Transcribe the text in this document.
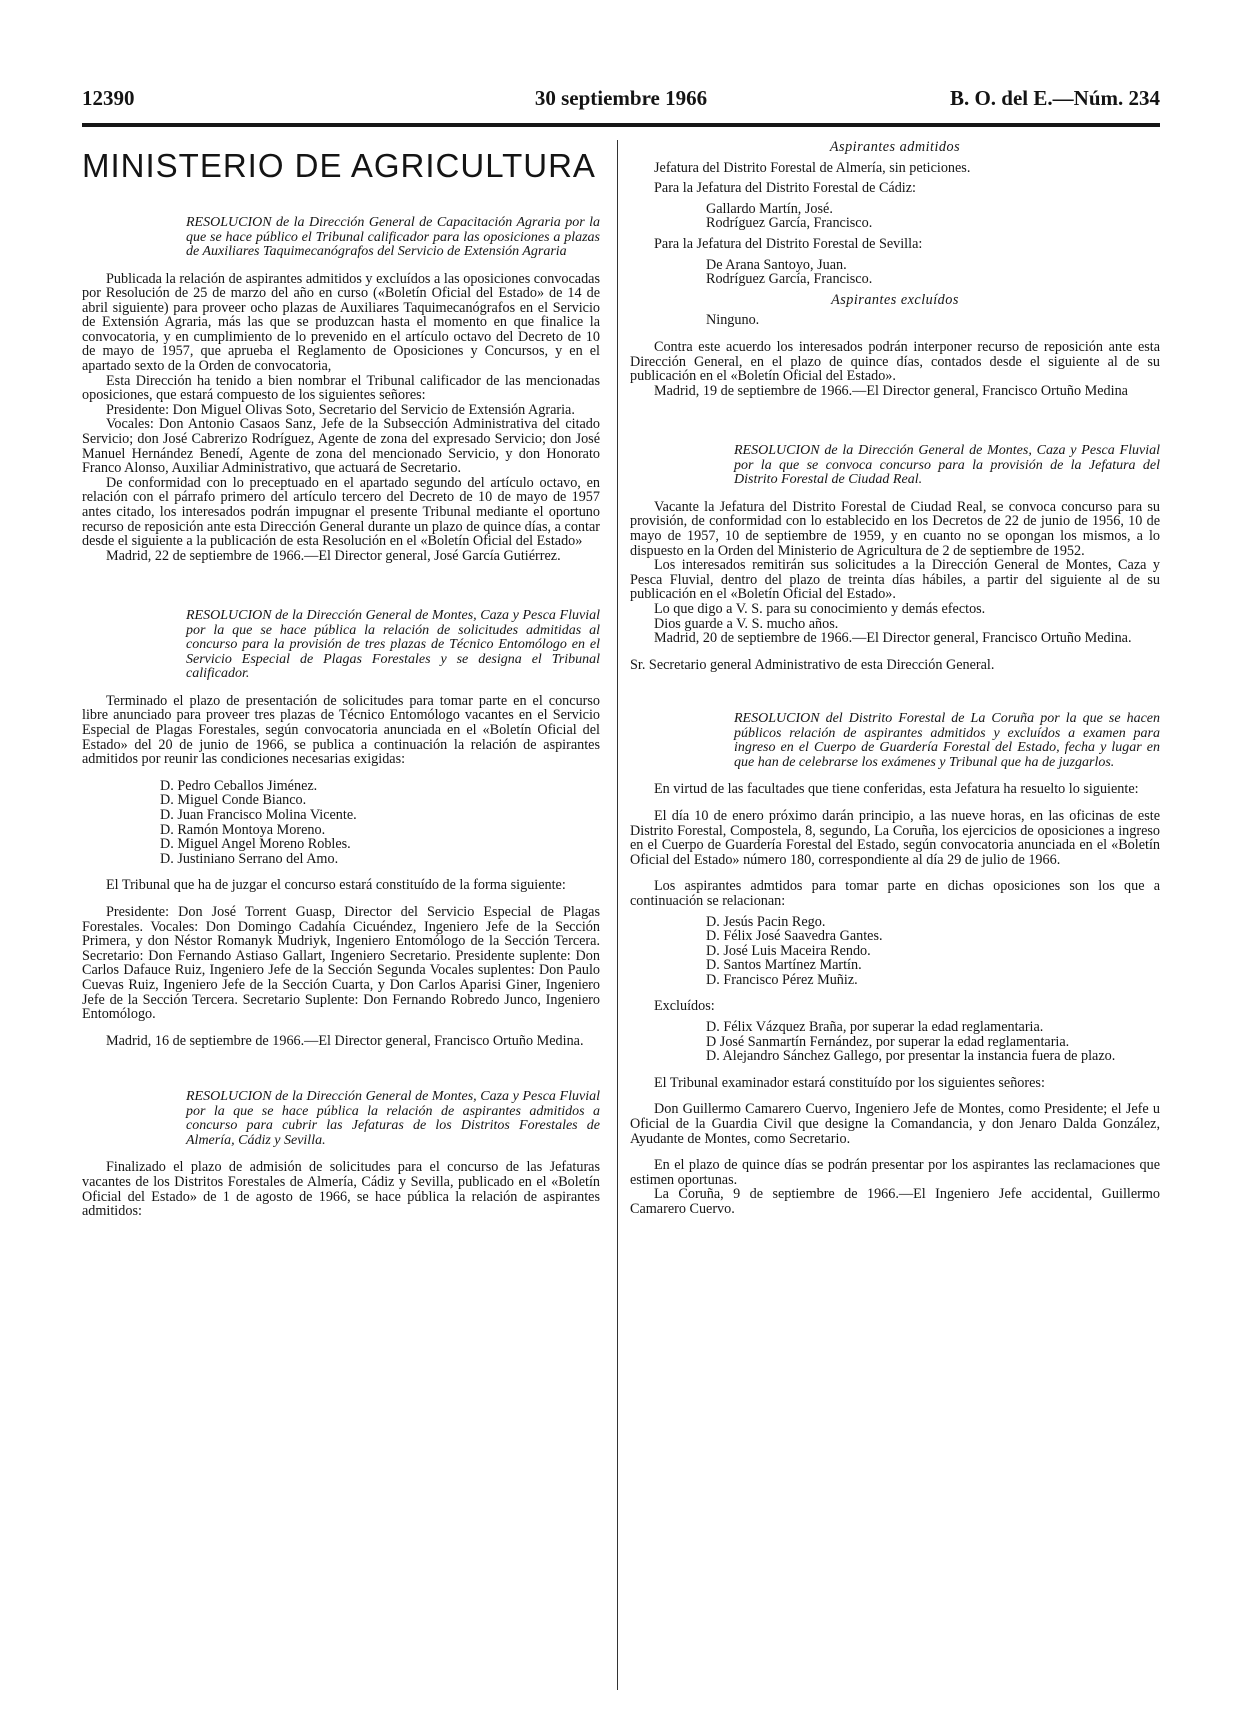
12390	30 septiembre 1966	B. O. del E.—Núm. 234
MINISTERIO DE AGRICULTURA

RESOLUCION de la Dirección General de Capacitación Agraria por la que se hace público el Tribunal calificador para las oposiciones a plazas de Auxiliares Taquimecanógrafos del Servicio de Extensión Agraria

Publicada la relación de aspirantes admitidos y excluídos a las oposiciones convocadas por Resolución de 25 de marzo del año en curso («Boletín Oficial del Estado» de 14 de abril siguiente) para proveer ocho plazas de Auxiliares Taquimecanógrafos en el Servicio de Extensión Agraria, más las que se produzcan hasta el momento en que finalice la convocatoria, y en cumplimiento de lo prevenido en el artículo octavo del Decreto de 10 de mayo de 1957, que aprueba el Reglamento de Oposiciones y Concursos, y en el apartado sexto de la Orden de convocatoria,

Esta Dirección ha tenido a bien nombrar el Tribunal calificador de las mencionadas oposiciones, que estará compuesto de los siguientes señores:

Presidente: Don Miguel Olivas Soto, Secretario del Servicio de Extensión Agraria.

Vocales: Don Antonio Casaos Sanz, Jefe de la Subsección Administrativa del citado Servicio; don José Cabrerizo Rodríguez, Agente de zona del expresado Servicio; don José Manuel Hernández Benedí, Agente de zona del mencionado Servicio, y don Honorato Franco Alonso, Auxiliar Administrativo, que actuará de Secretario.

De conformidad con lo preceptuado en el apartado segundo del artículo octavo, en relación con el párrafo primero del artículo tercero del Decreto de 10 de mayo de 1957 antes citado, los interesados podrán impugnar el presente Tribunal mediante el oportuno recurso de reposición ante esta Dirección General durante un plazo de quince días, a contar desde el siguiente a la publicación de esta Resolución en el «Boletín Oficial del Estado»

Madrid, 22 de septiembre de 1966.—El Director general, José García Gutiérrez.

RESOLUCION de la Dirección General de Montes, Caza y Pesca Fluvial por la que se hace pública la relación de solicitudes admitidas al concurso para la provisión de tres plazas de Técnico Entomólogo en el Servicio Especial de Plagas Forestales y se designa el Tribunal calificador.

Terminado el plazo de presentación de solicitudes para tomar parte en el concurso libre anunciado para proveer tres plazas de Técnico Entomólogo vacantes en el Servicio Especial de Plagas Forestales, según convocatoria anunciada en el «Boletín Oficial del Estado» del 20 de junio de 1966, se publica a continuación la relación de aspirantes admitidos por reunir las condiciones necesarias exigidas:

D. Pedro Ceballos Jiménez.

D. Miguel Conde Bianco.

D. Juan Francisco Molina Vicente.

D. Ramón Montoya Moreno.

D. Miguel Angel Moreno Robles.

D. Justiniano Serrano del Amo.

El Tribunal que ha de juzgar el concurso estará constituído de la forma siguiente:

Presidente: Don José Torrent Guasp, Director del Servicio Especial de Plagas Forestales. Vocales: Don Domingo Cadahía Cicuéndez, Ingeniero Jefe de la Sección Primera, y don Néstor Romanyk Mudriyk, Ingeniero Entomólogo de la Sección Tercera. Secretario: Don Fernando Astiaso Gallart, Ingeniero Secretario. Presidente suplente: Don Carlos Dafauce Ruiz, Ingeniero Jefe de la Sección Segunda Vocales suplentes: Don Paulo Cuevas Ruiz, Ingeniero Jefe de la Sección Cuarta, y Don Carlos Aparisi Giner, Ingeniero Jefe de la Sección Tercera. Secretario Suplente: Don Fernando Robredo Junco, Ingeniero Entomólogo.

Madrid, 16 de septiembre de 1966.—El Director general, Francisco Ortuño Medina.

RESOLUCION de la Dirección General de Montes, Caza y Pesca Fluvial por la que se hace pública la relación de aspirantes admitidos a concurso para cubrir las Jefaturas de los Distritos Forestales de Almería, Cádiz y Sevilla.

Finalizado el plazo de admisión de solicitudes para el concurso de las Jefaturas vacantes de los Distritos Forestales de Almería, Cádiz y Sevilla, publicado en el «Boletín Oficial del Estado» de 1 de agosto de 1966, se hace pública la relación de aspirantes admitidos:

Aspirantes admitidos

Jefatura del Distrito Forestal de Almería, sin peticiones.

Para la Jefatura del Distrito Forestal de Cádiz:

Gallardo Martín, José.

Rodríguez García, Francisco.

Para la Jefatura del Distrito Forestal de Sevilla:

De Arana Santoyo, Juan.

Rodríguez García, Francisco.

Aspirantes excluídos

Ninguno.

Contra este acuerdo los interesados podrán interponer recurso de reposición ante esta Dirección General, en el plazo de quince días, contados desde el siguiente al de su publicación en el «Boletín Oficial del Estado».

Madrid, 19 de septiembre de 1966.—El Director general, Francisco Ortuño Medina

RESOLUCION de la Dirección General de Montes, Caza y Pesca Fluvial por la que se convoca concurso para la provisión de la Jefatura del Distrito Forestal de Ciudad Real.

Vacante la Jefatura del Distrito Forestal de Ciudad Real, se convoca concurso para su provisión, de conformidad con lo establecido en los Decretos de 22 de junio de 1956, 10 de mayo de 1957, 10 de septiembre de 1959, y en cuanto no se opongan los mismos, a lo dispuesto en la Orden del Ministerio de Agricultura de 2 de septiembre de 1952.

Los interesados remitirán sus solicitudes a la Dirección General de Montes, Caza y Pesca Fluvial, dentro del plazo de treinta días hábiles, a partir del siguiente al de su publicación en el «Boletín Oficial del Estado».

Lo que digo a V. S. para su conocimiento y demás efectos.

Dios guarde a V. S. mucho años.

Madrid, 20 de septiembre de 1966.—El Director general, Francisco Ortuño Medina.

Sr. Secretario general Administrativo de esta Dirección General.

RESOLUCION del Distrito Forestal de La Coruña por la que se hacen públicos relación de aspirantes admitidos y excluídos a examen para ingreso en el Cuerpo de Guardería Forestal del Estado, fecha y lugar en que han de celebrarse los exámenes y Tribunal que ha de juzgarlos.

En virtud de las facultades que tiene conferidas, esta Jefatura ha resuelto lo siguiente:

El día 10 de enero próximo darán principio, a las nueve horas, en las oficinas de este Distrito Forestal, Compostela, 8, segundo, La Coruña, los ejercicios de oposiciones a ingreso en el Cuerpo de Guardería Forestal del Estado, según convocatoria anunciada en el «Boletín Oficial del Estado» número 180, correspondiente al día 29 de julio de 1966.

Los aspirantes admtidos para tomar parte en dichas oposiciones son los que a continuación se relacionan:

D. Jesús Pacin Rego.

D. Félix José Saavedra Gantes.

D. José Luis Maceira Rendo.

D. Santos Martínez Martín.

D. Francisco Pérez Muñiz.

Excluídos:

D. Félix Vázquez Braña, por superar la edad reglamentaria.

D José Sanmartín Fernández, por superar la edad reglamentaria.

D. Alejandro Sánchez Gallego, por presentar la instancia fuera de plazo.

El Tribunal examinador estará constituído por los siguientes señores:

Don Guillermo Camarero Cuervo, Ingeniero Jefe de Montes, como Presidente; el Jefe u Oficial de la Guardia Civil que designe la Comandancia, y don Jenaro Dalda González, Ayudante de Montes, como Secretario.

En el plazo de quince días se podrán presentar por los aspirantes las reclamaciones que estimen oportunas.

La Coruña, 9 de septiembre de 1966.—El Ingeniero Jefe accidental, Guillermo Camarero Cuervo.
